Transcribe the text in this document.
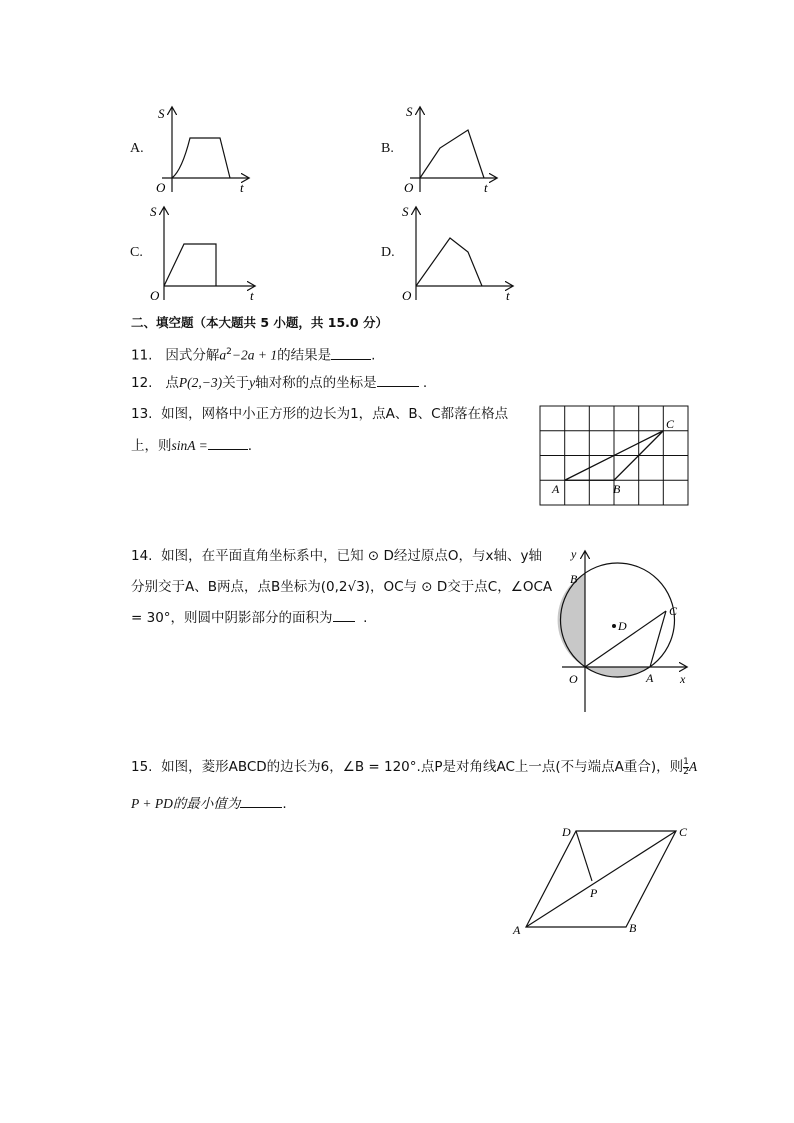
A.
S
t
O
B.
S
t
O
C.
S
t
O
D.
S
t
O
二、填空题（本大题共 5 小题，共 15.0 分）
11. 因式分解$a^2-2a + 1$的结果是	.
12. 点P(2,−3)关于y轴对称的点的坐标是	.
13. 如图，网格中小正方形的边长为1，点A、B、C都落在格点
上，则sinA =	.
A	B
C
14. 如图，在平面直角坐标系中，已知 ⊙ D经过原点O，与x轴、y轴
分别交于A、B两点，点B坐标为(0,2√3)，OC与 ⊙ D交于点C，∠OCA
= 30°，则圆中阴影部分的面积为 .
y
x
B
C
D
O	A
15. 如图，菱形ABCD的边长为6，∠B = 120°.点P是对角线AC上一点(不与端点A重合)，则 $\frac{1}{2}$ A
P + PD的最小值为	.
D	C
P
A	B
